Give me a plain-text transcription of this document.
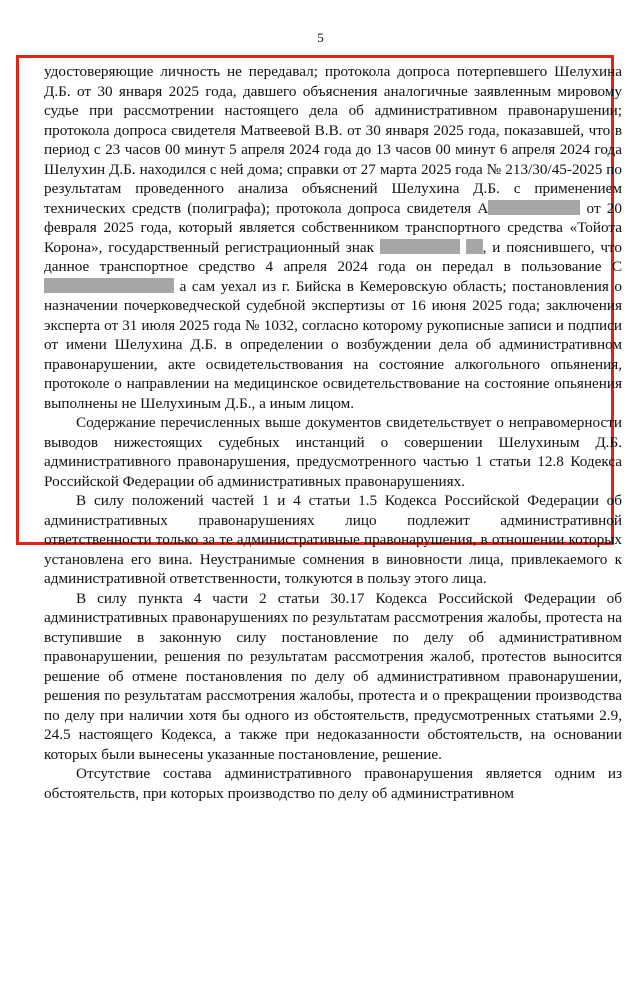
5

удостоверяющие личность не передавал; протокола допроса потерпевшего Шелухина Д.Б. от 30 января 2025 года, давшего объяснения аналогичные заявленным мировому судье при рассмотрении настоящего дела об административном правонарушении; протокола допроса свидетеля Матвеевой В.В. от 30 января 2025 года, показавшей, что в период с 23 часов 00 минут 5 апреля 2024 года до 13 часов 00 минут 6 апреля 2024 года Шелухин Д.Б. находился с ней дома; справки от 27 марта 2025 года № 213/30/45-2025 по результатам проведенного анализа объяснений Шелухина Д.Б. с применением технических средств (полиграфа); протокола допроса свидетеля А	от 20 февраля 2025 года, который является собственником транспортного средства «Тойота Корона», государственный регистрационный знак	, и пояснившего, что данное транспортное средство 4 апреля 2024 года он передал в пользование С а сам уехал из г. Бийска в Кемеровскую область; постановления о назначении почерковедческой судебной экспертизы от 16 июня 2025 года; заключения эксперта от 31 июля 2025 года № 1032, согласно которому рукописные записи и подписи от имени Шелухина Д.Б. в определении о возбуждении дела об административном правонарушении, акте освидетельствования на состояние алкогольного опьянения, протоколе о направлении на медицинское освидетельствование на состояние опьянения выполнены не Шелухиным Д.Б., а иным лицом.

Содержание перечисленных выше документов свидетельствует о неправомерности выводов нижестоящих судебных инстанций о совершении Шелухиным Д.Б. административного правонарушения, предусмотренного частью 1 статьи 12.8 Кодекса Российской Федерации об административных правонарушениях.

В силу положений частей 1 и 4 статьи 1.5 Кодекса Российской Федерации об административных правонарушениях лицо подлежит административной ответственности только за те административные правонарушения, в отношении которых установлена его вина. Неустранимые сомнения в виновности лица, привлекаемого к административной ответственности, толкуются в пользу этого лица.

В силу пункта 4 части 2 статьи 30.17 Кодекса Российской Федерации об административных правонарушениях по результатам рассмотрения жалобы, протеста на вступившие в законную силу постановление по делу об административном правонарушении, решения по результатам рассмотрения жалоб, протестов выносится решение об отмене постановления по делу об административном правонарушении, решения по результатам рассмотрения жалобы, протеста и о прекращении производства по делу при наличии хотя бы одного из обстоятельств, предусмотренных статьями 2.9, 24.5 настоящего Кодекса, а также при недоказанности обстоятельств, на основании которых были вынесены указанные постановление, решение.

Отсутствие состава административного правонарушения является одним из обстоятельств, при которых производство по делу об административном
